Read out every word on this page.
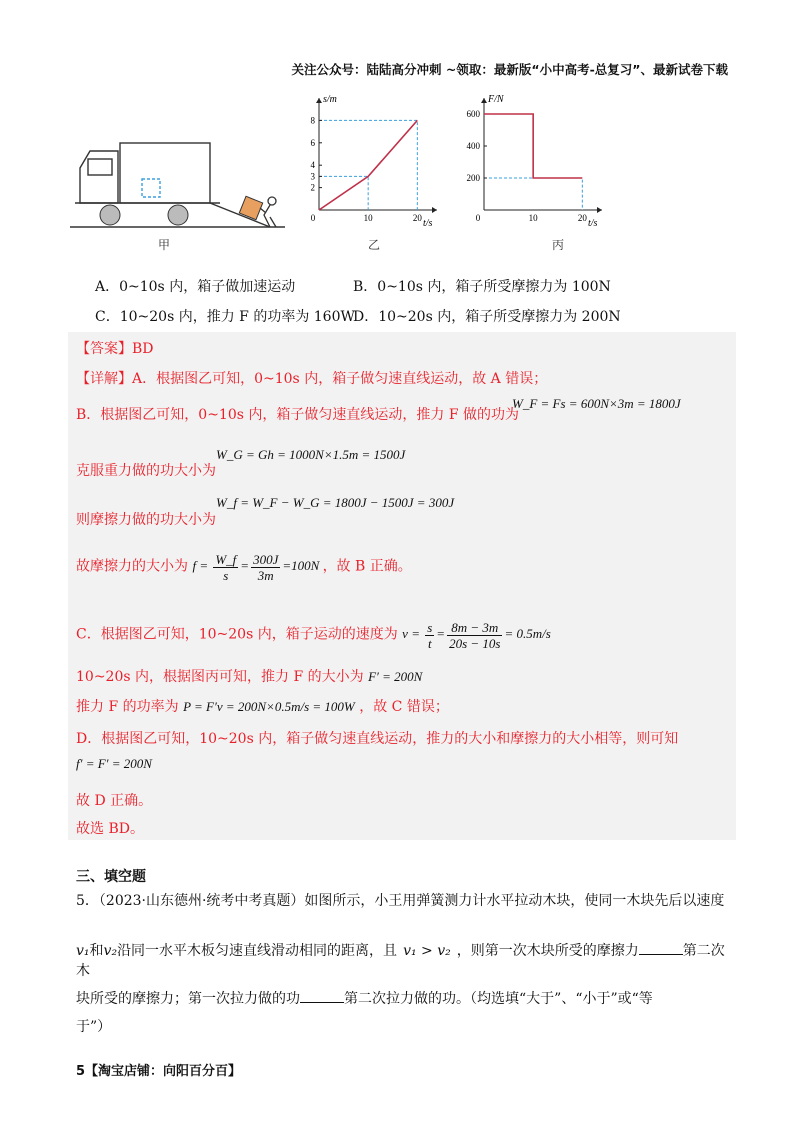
关注公众号：陆陆高分冲刺 ~领取：最新版“小中高考-总复习”、最新试卷下载
8
6
4
3
2
0	10	20
s/m
t/s
600
400
200
0	10	20
F/N
t/s
甲	乙	丙
A．0~10s 内，箱子做加速运动	B．0~10s 内，箱子所受摩擦力为 100N
C．10~20s 内，推力 F 的功率为 160W
D．10~20s 内，箱子所受摩擦力为 200N
【答案】BD
【详解】A．根据图乙可知，0~10s 内，箱子做匀速直线运动，故 A 错误；
B．根据图乙可知，0~10s 内，箱子做匀速直线运动，推力 F 做的功为
W_F = Fs = 600N×3m = 1800J
W_G = Gh = 1000N×1.5m = 1500J
克服重力做的功大小为
W_f = W_F − W_G = 1800J − 1500J = 300J
则摩擦力做的功大小为
故摩擦力的大小为 $f = \frac{W\_f}{s} = \frac{300J}{3m} =100N$ ，故 B 正确。
C．根据图乙可知，10~20s 内，箱子运动的速度为 $v = \frac{s}{t} = \frac{8m - 3m}{20s - 10s} = 0.5m/s$
10~20s 内，根据图丙可知，推力 F 的大小为 F′ = 200N
推力 F 的功率为 P = F′v = 200N×0.5m/s = 100W ，故 C 错误；
D．根据图乙可知，10~20s 内，箱子做匀速直线运动，推力的大小和摩擦力的大小相等，则可知
f′ = F′ = 200N
故 D 正确。
故选 BD。
三、填空题
5．（2023·山东德州·统考中考真题）如图所示，小王用弹簧测力计水平拉动木块，使同一木块先后以速度
v₁和v₂沿同一水平木板匀速直线滑动相同的距离，且 v₁ > v₂ ，则第一次木块所受的摩擦力	第二次木
块所受的摩擦力；第一次拉力做的功	第二次拉力做的功。（均选填“大于”、“小于”或“等
于”）
5【淘宝店铺：向阳百分百】
